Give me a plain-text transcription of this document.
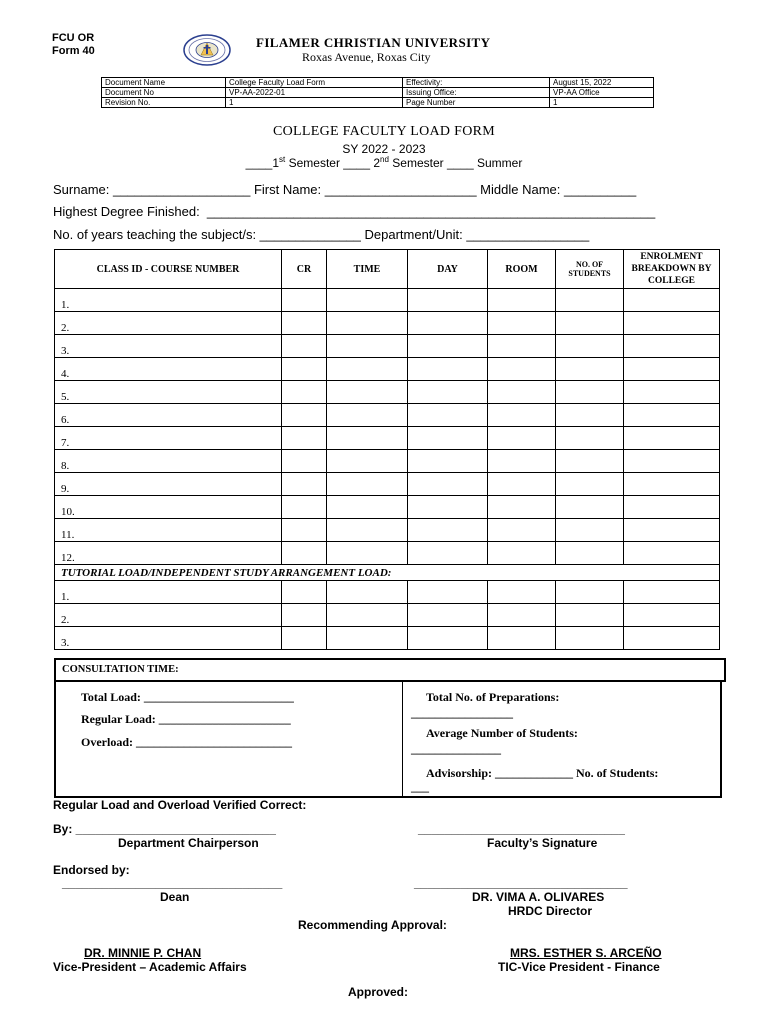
FCU OR
Form 40
FILAMER CHRISTIAN UNIVERSITY
Roxas Avenue, Roxas City
Document Name	College Faculty Load Form	Effectivity:	August 15, 2022
Document No	VP-AA-2022-01	Issuing Office:	VP-AA Office
Revision No.	1	Page Number	1
COLLEGE FACULTY LOAD FORM
SY 2022 - 2023
____1st Semester ____ 2nd Semester ____ Summer
Surname: ___________________ First Name: _____________________ Middle Name: __________
Highest Degree Finished:  ______________________________________________________________
No. of years teaching the subject/s: ______________ Department/Unit: _________________
CLASS ID - COURSE NUMBER	CR	TIME	DAY	ROOM	NO. OF STUDENTS	ENROLMENT BREAKDOWN BY COLLEGE
1.						
2.						
3.						
4.						
5.						
6.						
7.						
8.						
9.						
10.						
11.						
12.						
TUTORIAL LOAD/INDEPENDENT STUDY ARRANGEMENT LOAD:						
1.						
2.						
3.						
CONSULTATION TIME:
Total Load: _________________________
Regular Load: ______________________
Overload: __________________________
Total No. of Preparations:
_________________
Average Number of Students:
_______________
Advisorship: _____________ No. of Students:
___
Regular Load and Overload Verified Correct:
By: ______________________________
Department Chairperson
_______________________________
Faculty’s Signature
Endorsed by:
_________________________________
Dean
________________________________
DR. VIMA A. OLIVARES
HRDC Director
Recommending Approval:
DR. MINNIE P. CHAN
Vice-President – Academic Affairs
MRS. ESTHER S. ARCEÑO
TIC-Vice President - Finance
Approved:
